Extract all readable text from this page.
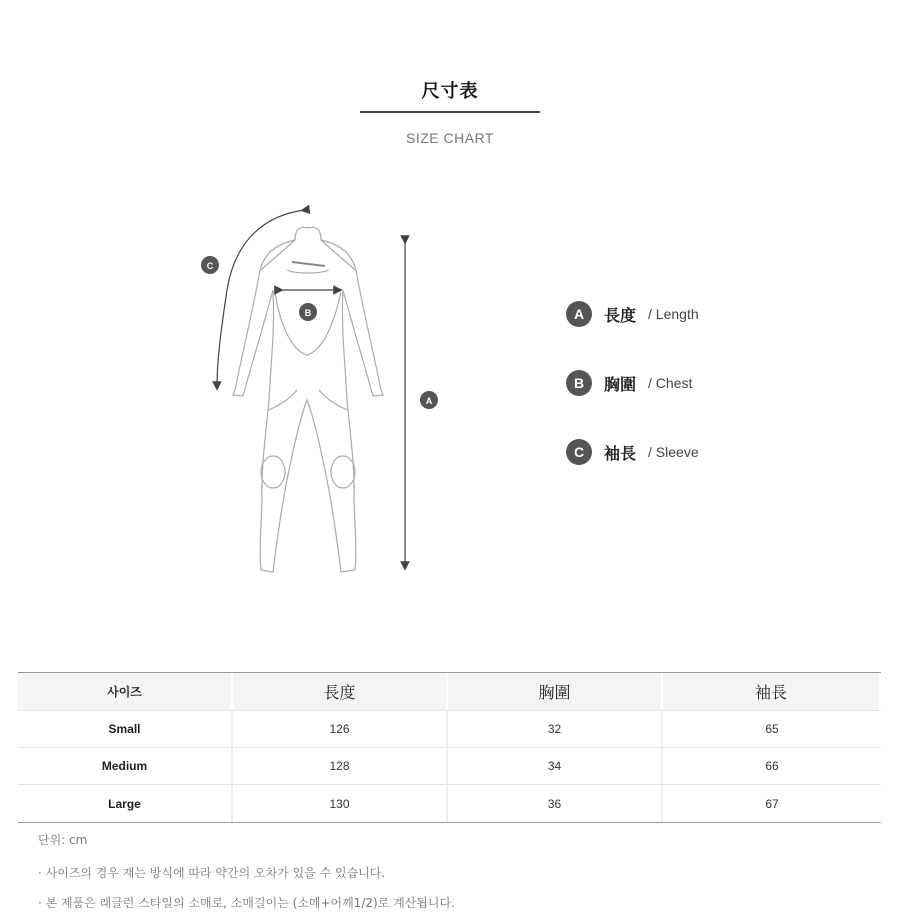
尺寸表
SIZE CHART
C
B
A
A	長度 / Length
B	胸圍 / Chest
C	袖長 / Sleeve
사이즈	長度	胸圍	袖長
Small	126	32	65
Medium	128	34	66
Large	130	36	67
단위: cm
· 사이즈의 경우 재는 방식에 따라 약간의 오차가 있을 수 있습니다.
· 본 제품은 래글런 스타일의 소매로, 소매길이는 (소매+어깨1/2)로 계산됩니다.
